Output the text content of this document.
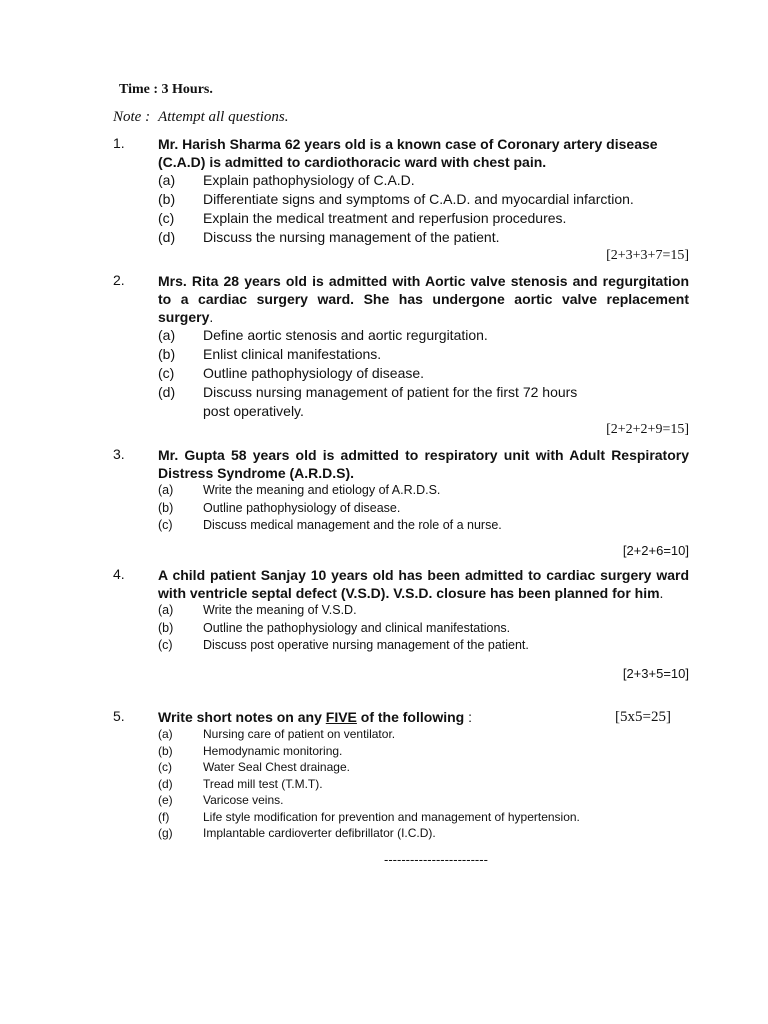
Time : 3 Hours.
Note : Attempt all questions.
1. Mr. Harish Sharma 62 years old is a known case of Coronary artery disease (C.A.D) is admitted to cardiothoracic ward with chest pain.
(a) Explain pathophysiology of C.A.D.
(b) Differentiate signs and symptoms of C.A.D. and myocardial infarction.
(c) Explain the medical treatment and reperfusion procedures.
(d) Discuss the nursing management of the patient.
[2+3+3+7=15]
2. Mrs. Rita 28 years old is admitted with Aortic valve stenosis and regurgitation to a cardiac surgery ward. She has undergone aortic valve replacement surgery.
(a) Define aortic stenosis and aortic regurgitation.
(b) Enlist clinical manifestations.
(c) Outline pathophysiology of disease.
(d) Discuss nursing management of patient for the first 72 hours post operatively.
[2+2+2+9=15]
3. Mr. Gupta 58 years old is admitted to respiratory unit with Adult Respiratory Distress Syndrome (A.R.D.S).
(a) Write the meaning and etiology of A.R.D.S.
(b) Outline pathophysiology of disease.
(c) Discuss medical management and the role of a nurse.
[2+2+6=10]
4. A child patient Sanjay 10 years old has been admitted to cardiac surgery ward with ventricle septal defect (V.S.D). V.S.D. closure has been planned for him.
(a) Write the meaning of V.S.D.
(b) Outline the pathophysiology and clinical manifestations.
(c) Discuss post operative nursing management of the patient.
[2+3+5=10]
5. Write short notes on any FIVE of the following :	[5x5=25]
(a)	Nursing care of patient on ventilator.
(b)	Hemodynamic monitoring.
(c)	Water Seal Chest drainage.
(d)	Tread mill test (T.M.T).
(e)	Varicose veins.
(f)	Life style modification for prevention and management of hypertension.
(g)	Implantable cardioverter defibrillator (I.C.D).
------------------------
